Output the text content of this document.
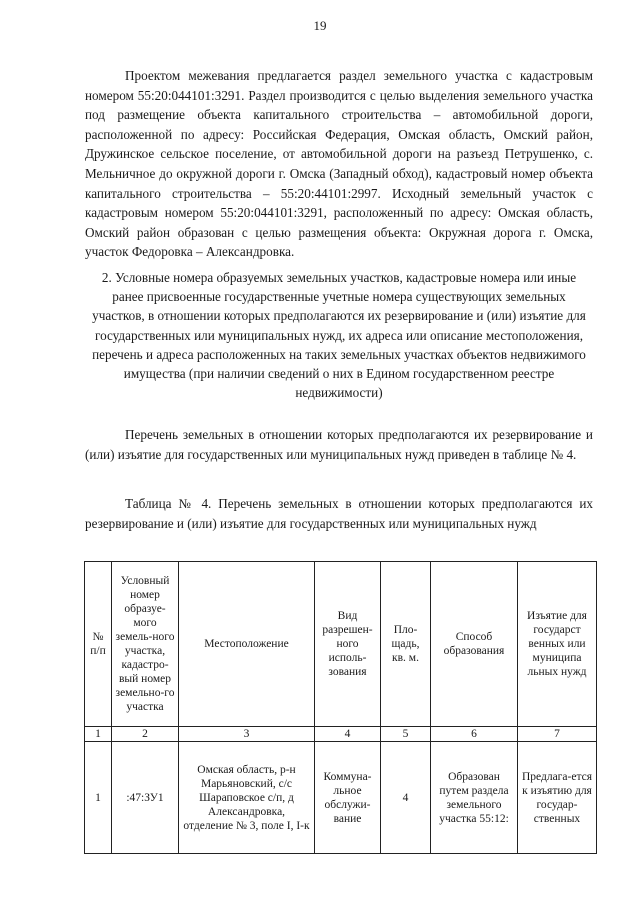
19

Проектом межевания предлагается раздел земельного участка с кадастровым номером 55:20:044101:3291. Раздел производится с целью выделения земельного участка под размещение объекта капитального строительства – автомобильной дороги, расположенной по адресу: Российская Федерация, Омская область, Омский район, Дружинское сельское поселение, от автомобильной дороги на разъезд Петрушенко, с. Мельничное до окружной дороги г. Омска (Западный обход), кадастровый номер объекта капитального строительства – 55:20:44101:2997. Исходный земельный участок с кадастровым номером 55:20:044101:3291, расположенный по адресу: Омская область, Омский район образован с целью размещения объекта: Окружная дорога г. Омска, участок Федоровка – Александровка.

2. Условные номера образуемых земельных участков, кадастровые номера или иные ранее присвоенные государственные учетные номера существующих земельных участков, в отношении которых предполагаются их резервирование и (или) изъятие для государственных или муниципальных нужд, их адреса или описание местоположения, перечень и адреса расположенных на таких земельных участках объектов недвижимого имущества (при наличии сведений о них в Едином государственном реестре недвижимости)

Перечень земельных в отношении которых предполагаются их резервирование и (или) изъятие для государственных или муниципальных нужд приведен в таблице № 4.

Таблица № 4. Перечень земельных в отношении которых предполагаются их резервирование и (или) изъятие для государственных или муниципальных нужд

№ п/п	Условный номер образуе-мого земель-ного участка, кадастро-вый номер земельно-го участка	Местоположение	Вид разрешен-ного исполь-зования	Пло-щадь, кв. м.	Способ образования	Изъятие для государст венных или муниципа льных нужд
1	2	3	4	5	6	7
1	:47:ЗУ1	Омская область, р-н Марьяновский, с/с Шараповское с/п, д Александровка, отделение № 3, поле I, I-к	Коммуна-льное обслужи-вание	4	Образован путем раздела земельного участка 55:12:	Предлага-ется к изъятию для государ-ственных
